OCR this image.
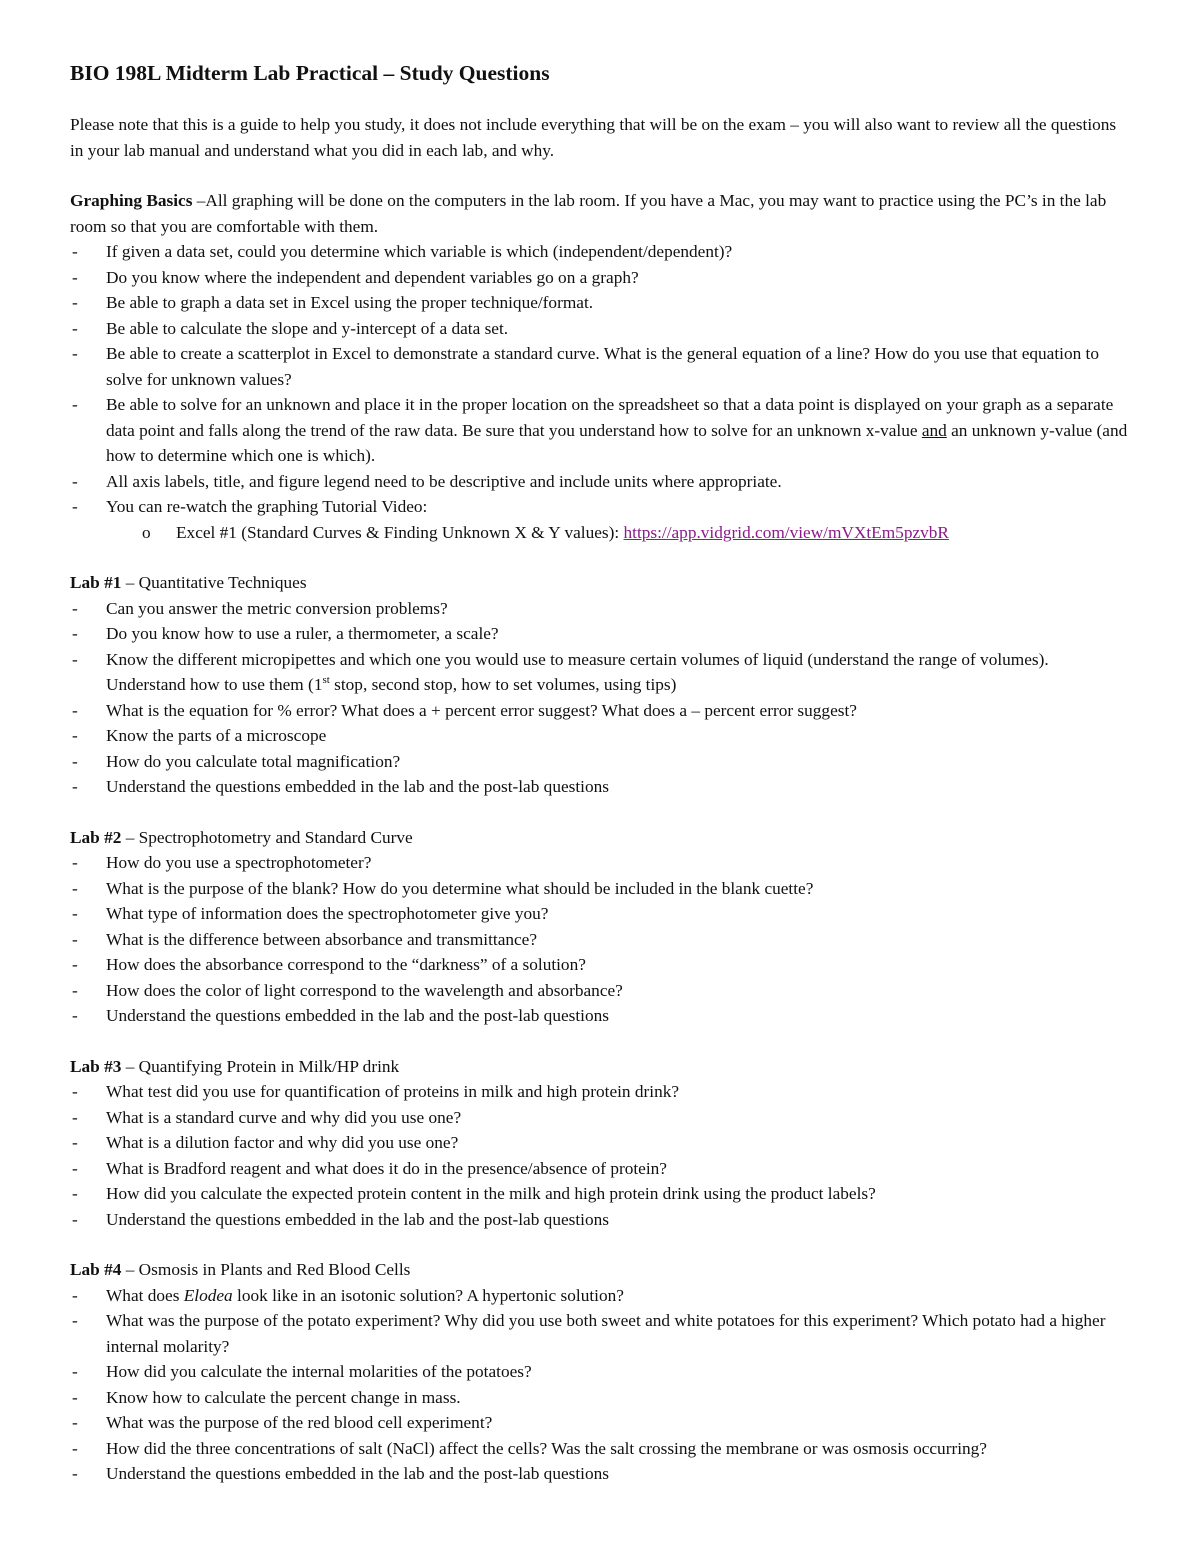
BIO 198L Midterm Lab Practical – Study Questions

Please note that this is a guide to help you study, it does not include everything that will be on the exam – you will also want to review all the questions in your lab manual and understand what you did in each lab, and why.

Graphing Basics –All graphing will be done on the computers in the lab room. If you have a Mac, you may want to practice using the PC’s in the lab room so that you are comfortable with them.

- If given a data set, could you determine which variable is which (independent/dependent)?
- Do you know where the independent and dependent variables go on a graph?
- Be able to graph a data set in Excel using the proper technique/format.
- Be able to calculate the slope and y-intercept of a data set.
- Be able to create a scatterplot in Excel to demonstrate a standard curve. What is the general equation of a line? How do you use that equation to solve for unknown values?
- Be able to solve for an unknown and place it in the proper location on the spreadsheet so that a data point is displayed on your graph as a separate data point and falls along the trend of the raw data. Be sure that you understand how to solve for an unknown x-value and an unknown y-value (and how to determine which one is which).
- All axis labels, title, and figure legend need to be descriptive and include units where appropriate.
- You can re-watch the graphing Tutorial Video:
o Excel #1 (Standard Curves & Finding Unknown X & Y values): https://app.vidgrid.com/view/mVXtEm5pzvbR

Lab #1 – Quantitative Techniques

- Can you answer the metric conversion problems?
- Do you know how to use a ruler, a thermometer, a scale?
- Know the different micropipettes and which one you would use to measure certain volumes of liquid (understand the range of volumes). Understand how to use them (1st stop, second stop, how to set volumes, using tips)
- What is the equation for % error? What does a + percent error suggest? What does a – percent error suggest?
- Know the parts of a microscope
- How do you calculate total magnification?
- Understand the questions embedded in the lab and the post-lab questions

Lab #2 – Spectrophotometry and Standard Curve

- How do you use a spectrophotometer?
- What is the purpose of the blank? How do you determine what should be included in the blank cuette?
- What type of information does the spectrophotometer give you?
- What is the difference between absorbance and transmittance?
- How does the absorbance correspond to the “darkness” of a solution?
- How does the color of light correspond to the wavelength and absorbance?
- Understand the questions embedded in the lab and the post-lab questions

Lab #3 – Quantifying Protein in Milk/HP drink

- What test did you use for quantification of proteins in milk and high protein drink?
- What is a standard curve and why did you use one?
- What is a dilution factor and why did you use one?
- What is Bradford reagent and what does it do in the presence/absence of protein?
- How did you calculate the expected protein content in the milk and high protein drink using the product labels?
- Understand the questions embedded in the lab and the post-lab questions

Lab #4 – Osmosis in Plants and Red Blood Cells

- What does Elodea look like in an isotonic solution? A hypertonic solution?
- What was the purpose of the potato experiment? Why did you use both sweet and white potatoes for this experiment? Which potato had a higher internal molarity?
- How did you calculate the internal molarities of the potatoes?
- Know how to calculate the percent change in mass.
- What was the purpose of the red blood cell experiment?
- How did the three concentrations of salt (NaCl) affect the cells? Was the salt crossing the membrane or was osmosis occurring?
- Understand the questions embedded in the lab and the post-lab questions
